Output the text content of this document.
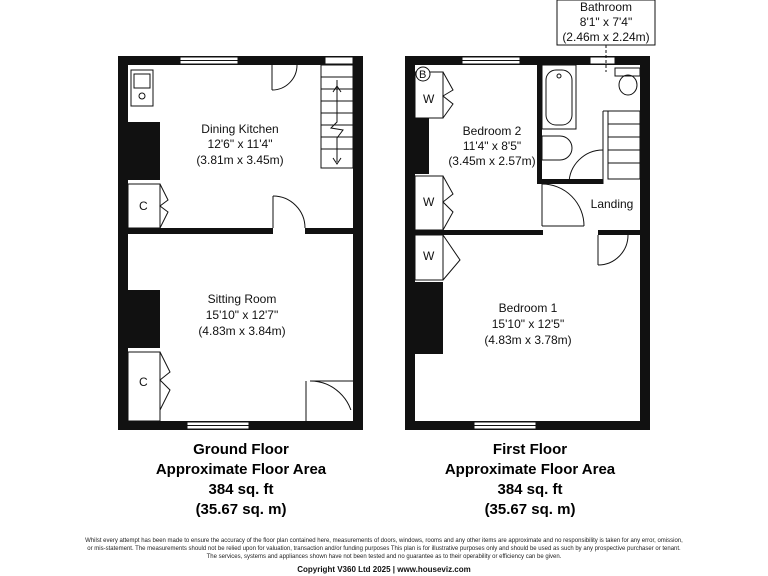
C
C
Dining Kitchen
12'6" x 11'4"
(3.81m x 3.45m)
Sitting Room
15'10" x 12'7"
(4.83m x 3.84m)
Bathroom
8'1" x 7'4"
(2.46m x 2.24m)
B
W
W
W
Bedroom 2
11'4" x 8'5"
(3.45m x 2.57m)
Landing
Bedroom 1
15'10" x 12'5"
(4.83m x 3.78m)
Ground Floor
Approximate Floor Area
384 sq. ft
(35.67 sq. m)
First Floor
Approximate Floor Area
384 sq. ft
(35.67 sq. m)
Whilst every attempt has been made to ensure the accuracy of the floor plan contained here, measurements of doors, windows, rooms and any other items are approximate and no responsibility is taken for any error, omission,
or mis-statement. The measurements should not be relied upon for valuation, transaction and/or funding purposes This plan is for illustrative purposes only and should be used as such by any prospective purchaser or tenant.
The services, systems and appliances shown have not been tested and no guarantee as to their operability or efficiency can be given.
Copyright V360 Ltd 2025 | www.houseviz.com
